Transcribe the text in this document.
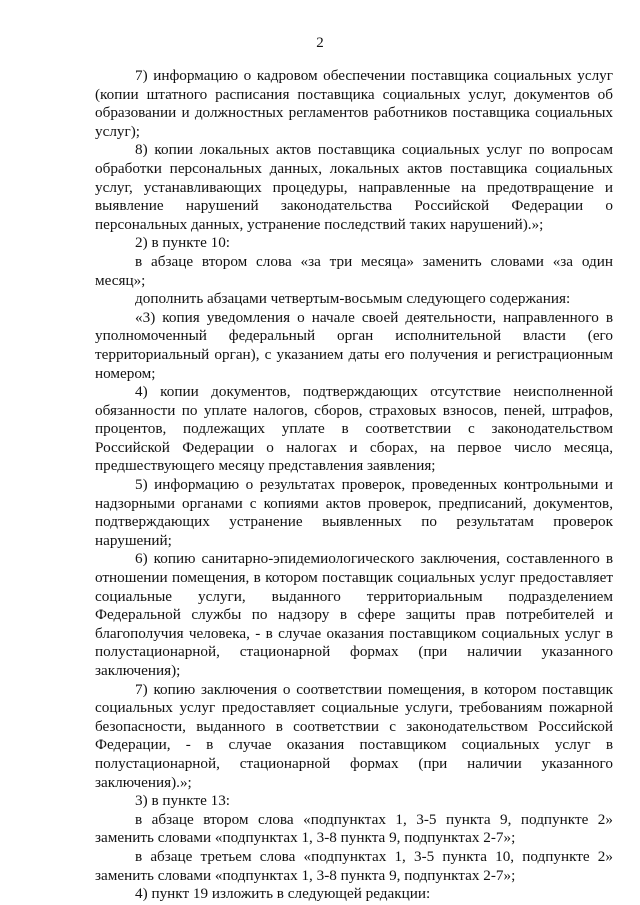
2

7) информацию о кадровом обеспечении поставщика социальных услуг (копии штатного расписания поставщика социальных услуг, документов об образовании и должностных регламентов работников поставщика социальных услуг);

8) копии локальных актов поставщика социальных услуг по вопросам обработки персональных данных, локальных актов поставщика социальных услуг, устанавливающих процедуры, направленные на предотвращение и выявление нарушений законодательства Российской Федерации о персональных данных, устранение последствий таких нарушений).»;

2) в пункте 10:

в абзаце втором слова «за три месяца» заменить словами «за один месяц»;

дополнить абзацами четвертым-восьмым следующего содержания:

«3) копия уведомления о начале своей деятельности, направленного в уполномоченный федеральный орган исполнительной власти (его территориальный орган), с указанием даты его получения и регистрационным номером;

4) копии документов, подтверждающих отсутствие неисполненной обязанности по уплате налогов, сборов, страховых взносов, пеней, штрафов, процентов, подлежащих уплате в соответствии с законодательством Российской Федерации о налогах и сборах, на первое число месяца, предшествующего месяцу представления заявления;

5) информацию о результатах проверок, проведенных контрольными и надзорными органами с копиями актов проверок, предписаний, документов, подтверждающих устранение выявленных по результатам проверок нарушений;

6) копию санитарно-эпидемиологического заключения, составленного в отношении помещения, в котором поставщик социальных услуг предоставляет социальные услуги, выданного территориальным подразделением Федеральной службы по надзору в сфере защиты прав потребителей и благополучия человека, - в случае оказания поставщиком социальных услуг в полустационарной, стационарной формах (при наличии указанного заключения);

7) копию заключения о соответствии помещения, в котором поставщик социальных услуг предоставляет социальные услуги, требованиям пожарной безопасности, выданного в соответствии с законодательством Российской Федерации, - в случае оказания поставщиком социальных услуг в полустационарной, стационарной формах (при наличии указанного заключения).»;

3) в пункте 13:

в абзаце втором слова «подпунктах 1, 3-5 пункта 9, подпункте 2» заменить словами «подпунктах 1, 3-8 пункта 9, подпунктах 2-7»;

в абзаце третьем слова «подпунктах 1, 3-5 пункта 10, подпункте 2» заменить словами «подпунктах 1, 3-8 пункта 9, подпунктах 2-7»;

4) пункт 19 изложить в следующей редакции:
